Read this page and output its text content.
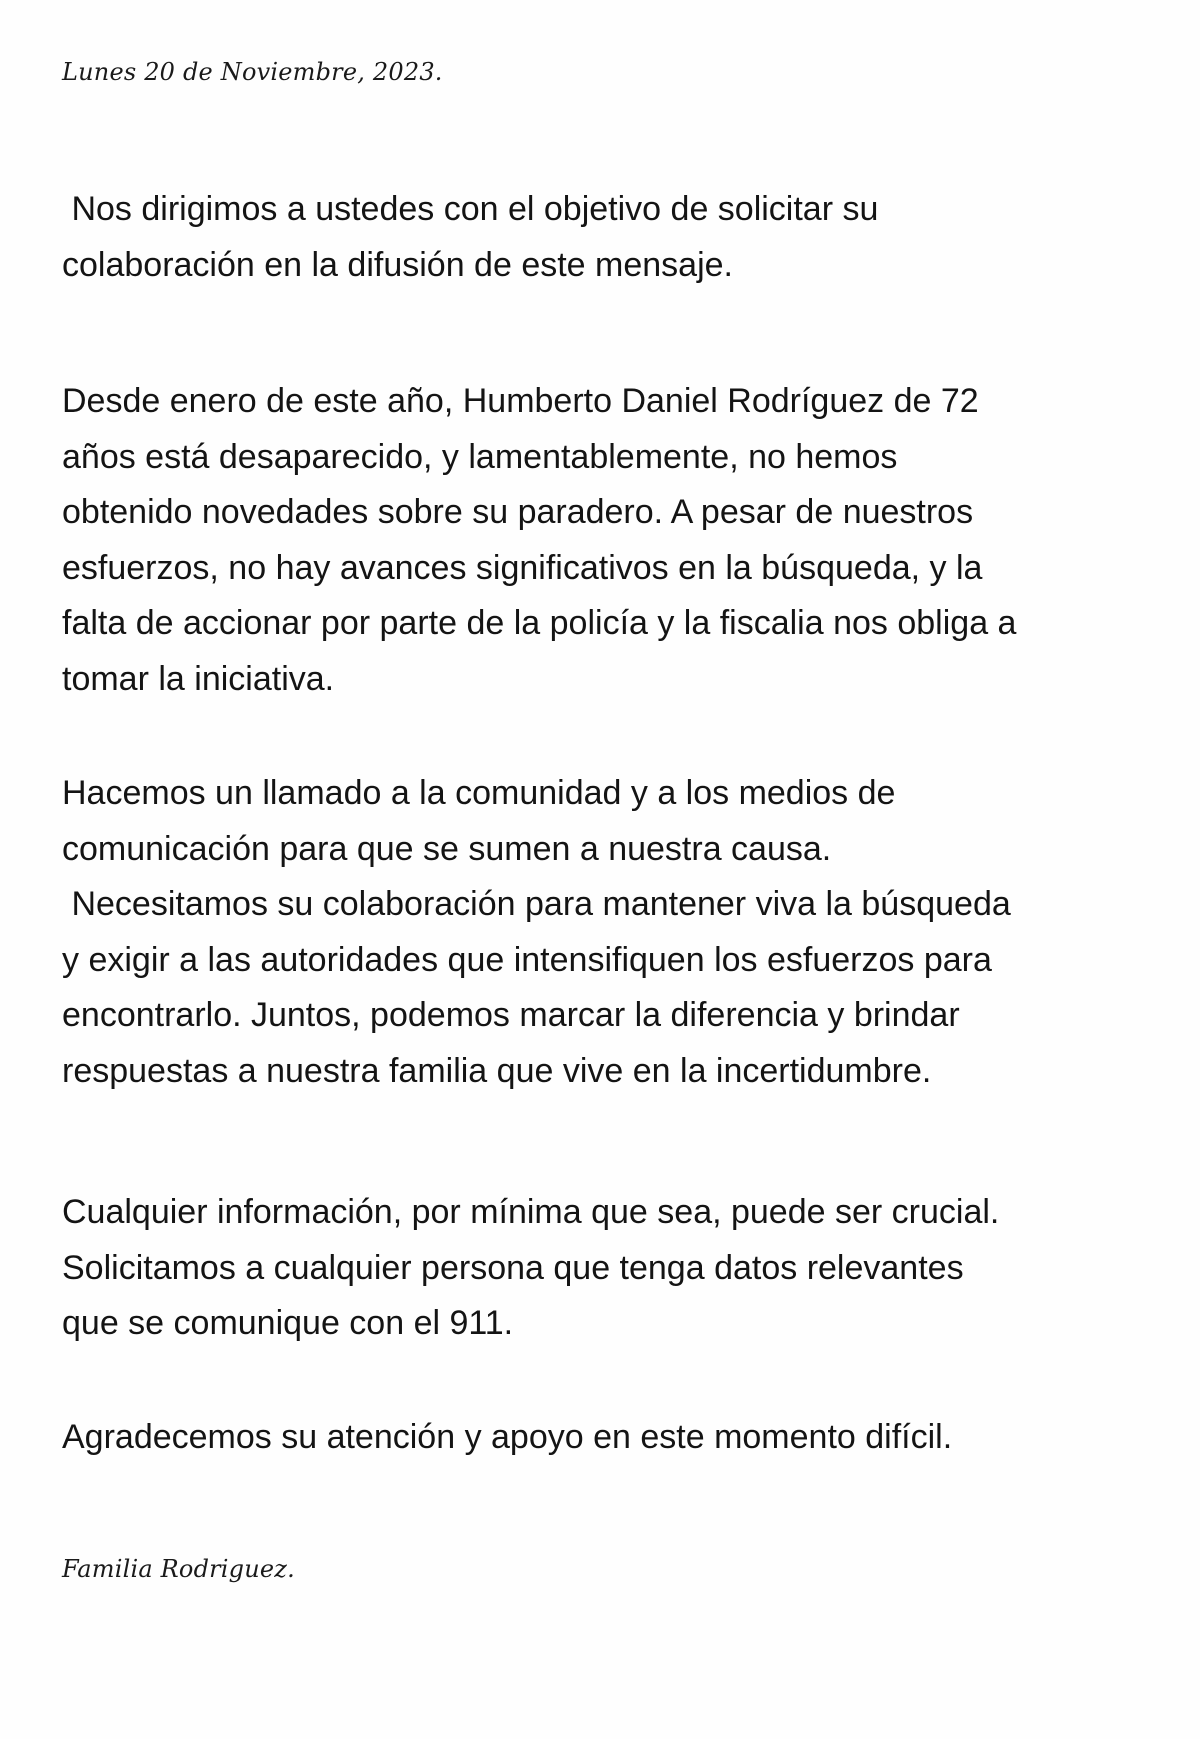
Lunes 20 de Noviembre, 2023.

Nos dirigimos a ustedes con el objetivo de solicitar su
colaboración en la difusión de este mensaje.

Desde enero de este año, Humberto Daniel Rodríguez de 72
años está desaparecido, y lamentablemente, no hemos
obtenido novedades sobre su paradero. A pesar de nuestros
esfuerzos, no hay avances significativos en la búsqueda, y la
falta de accionar por parte de la policía y la fiscalia nos obliga a
tomar la iniciativa.

Hacemos un llamado a la comunidad y a los medios de
comunicación para que se sumen a nuestra causa.
Necesitamos su colaboración para mantener viva la búsqueda
y exigir a las autoridades que intensifiquen los esfuerzos para
encontrarlo. Juntos, podemos marcar la diferencia y brindar
respuestas a nuestra familia que vive en la incertidumbre.

Cualquier información, por mínima que sea, puede ser crucial.
Solicitamos a cualquier persona que tenga datos relevantes
que se comunique con el 911.

Agradecemos su atención y apoyo en este momento difícil.

Familia Rodriguez.
